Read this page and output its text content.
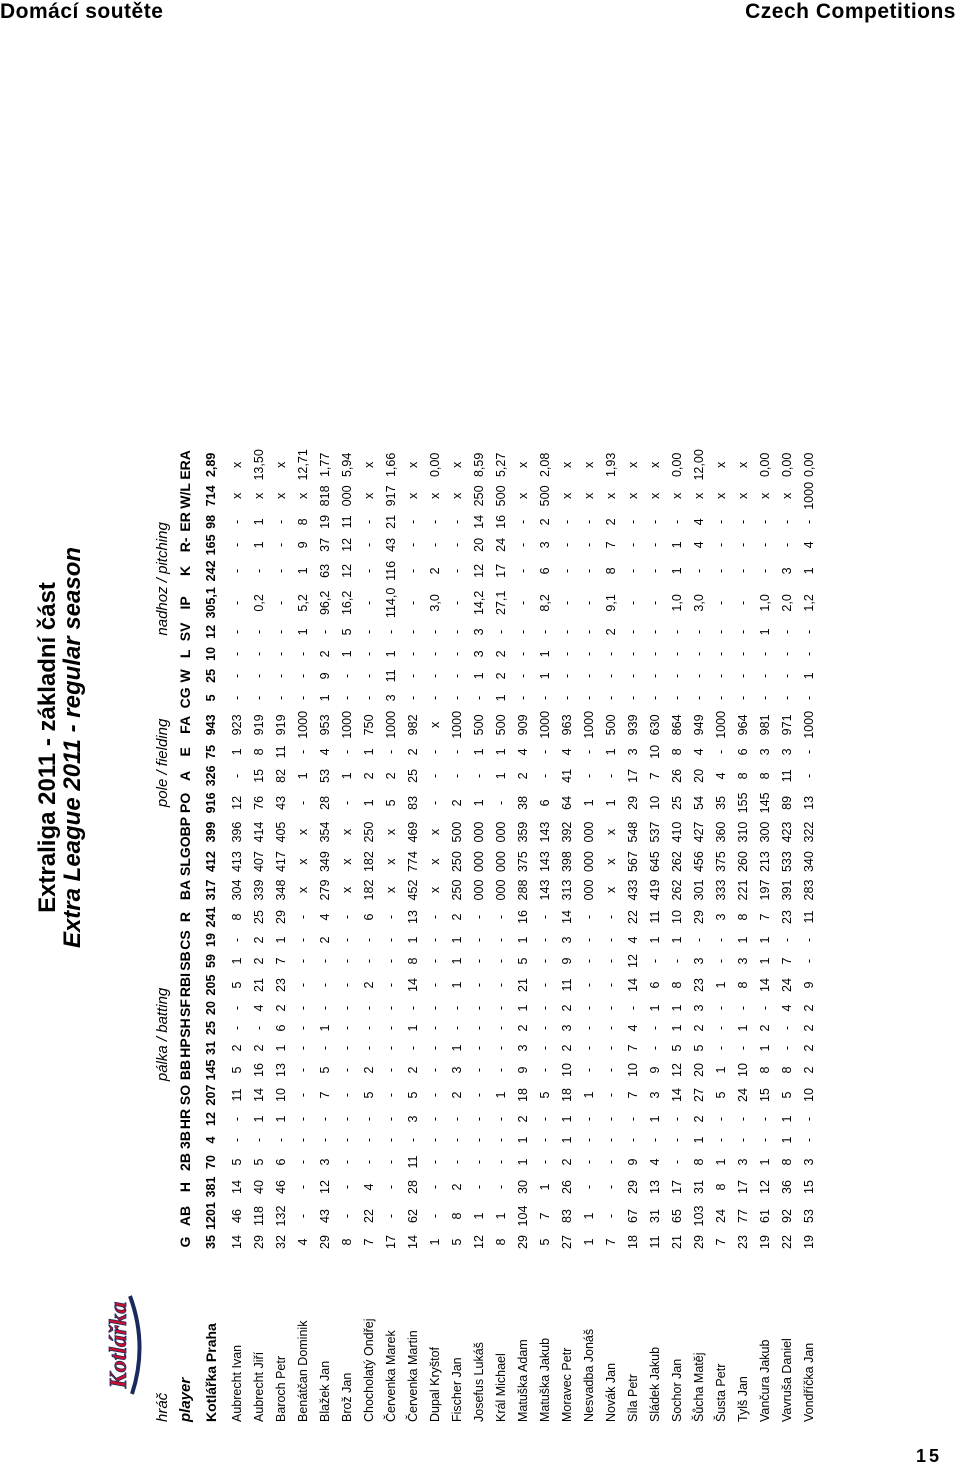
Domácí soutěte	Czech Competitions
15
Extraliga 2011 - základní část
Extra League 2011 - regular season
Kotlářka
hráč	pálka / batting																		pole / fielding				nadhoz / pitching									
player	G	AB	H	2B	3B	HR	SO	BB	HP	SH	SF	RBI	SB	CS	R	BA	SLG	OBP	PO	A	E	FA	CG	W	L	SV	IP	K	R-	ER	W/L	ERA
Kotlářka Praha	35	1201	381	70	4	12	207	145	31	25	20	205	59	19	241	317	412	399	916	326	75	943	5	25	10	12	305,1	242	165	98	714	2,89
Aubrecht Ivan	14	46	14	5	-	-	11	5	2	-	-	5	1	-	8	304	413	396	12	-	1	923	-	-	-	-	-	-	-	-	x	x
Aubrecht Jiří	29	118	40	5	-	1	14	16	2	-	4	21	2	2	25	339	407	414	76	15	8	919	-	-	-	-	0,2	-	1	1	x	13,50
Baroch Petr	32	132	46	6	-	1	10	13	1	6	2	23	7	1	29	348	417	405	43	82	11	919	-	-	-	-	-	-	-	-	x	x
Benátčan Dominik	4	-	-	-	-	-	-	-	-	-	-	-	-	-	-	x	x	x	-	1	-	1000	-	-	-	1	5,2	1	9	8	x	12,71
Blažek Jan	29	43	12	3	-	-	7	5	-	1	-	-	-	2	4	279	349	354	28	53	4	953	1	9	2	-	96,2	63	37	19	818	1,77
Brož Jan	8	-	-	-	-	-	-	-	-	-	-	-	-	-	-	x	x	x	-	1	-	1000	-	-	1	5	16,2	12	12	11	000	5,94
Chocholatý Ondřej	7	22	4	-	-	-	5	2	-	-	-	2	-	-	6	182	182	250	1	2	1	750	-	-	-	-	-	-	-	-	x	x
Červenka Marek	17	-	-	-	-	-	-	-	-	-	-	-	-	-	-	x	x	x	5	2	-	1000	3	11	1	-	114,0	116	43	21	917	1,66
Červenka Martin	14	62	28	11	-	3	5	2	-	1	-	14	8	1	13	452	774	469	83	25	2	982	-	-	-	-	-	-	-	-	x	x
Dupal Kryštof	1	-	-	-	-	-	-	-	-	-	-	-	-	-	-	x	x	x	-	-	-	x	-	-	-	-	3,0	2	-	-	x	0,00
Fischer Jan	5	8	2	-	-	-	2	3	1	-	-	1	1	1	2	250	250	500	2	-	-	1000	-	-	-	-	-	-	-	-	x	x
Josefus Lukáš	12	1	-	-	-	-	-	-	-	-	-	-	-	-	-	000	000	000	1	-	1	500	-	1	3	3	14,2	12	20	14	250	8,59
Král Michael	8	1	-	-	-	-	1	-	-	-	-	-	-	-	-	000	000	000	-	1	1	500	1	2	2	-	27,1	17	24	16	500	5,27
Matuška Adam	29	104	30	1	1	2	18	9	3	2	1	21	5	1	16	288	375	359	38	2	4	909	-	-	-	-	-	-	-	-	x	x
Matuška Jakub	5	7	1	-	-	-	5	-	-	-	-	-	-	-	-	143	143	143	6	-	-	1000	-	1	1	-	8,2	6	3	2	500	2,08
Moravec Petr	27	83	26	2	1	1	18	10	2	3	2	11	9	3	14	313	398	392	64	41	4	963	-	-	-	-	-	-	-	-	x	x
Nesvadba Jonáš	1	1	-	-	-	-	1	-	-	-	-	-	-	-	-	000	000	000	1	-	-	1000	-	-	-	-	-	-	-	-	x	x
Novák Jan	7	-	-	-	-	-	-	-	-	-	-	-	-	-	-	x	x	x	1	-	1	500	-	-	-	2	9,1	8	7	2	x	1,93
Síla Petr	18	67	29	9	-	-	7	10	7	4	-	14	12	4	22	433	567	548	29	17	3	939	-	-	-	-	-	-	-	-	x	x
Sládek Jakub	11	31	13	4	-	1	3	9	-	-	1	6	-	1	11	419	645	537	10	7	10	630	-	-	-	-	-	-	-	-	x	x
Sochor Jan	21	65	17	-	-	-	14	12	5	1	1	8	-	1	10	262	262	410	25	26	8	864	-	-	-	-	1,0	1	1	-	x	0,00
Šůcha Matěj	29	103	31	8	1	2	27	20	5	2	3	23	3	-	29	301	456	427	54	20	4	949	-	-	-	-	3,0	-	4	4	x	12,00
Šusta Petr	7	24	8	1	-	-	5	1	-	-	-	1	-	-	3	333	375	360	35	4	-	1000	-	-	-	-	-	-	-	-	x	x
Tylš Jan	23	77	17	3	-	-	24	10	-	1	-	8	3	1	8	221	260	310	155	8	6	964	-	-	-	-	-	-	-	-	x	x
Vančura Jakub	19	61	12	1	-	-	15	8	1	2	-	14	1	1	7	197	213	300	145	8	3	981	-	-	-	1	1,0	-	-	-	x	0,00
Vavruša Daniel	22	92	36	8	1	1	5	8	-	-	4	24	7	-	23	391	533	423	89	11	3	971	-	-	-	-	2,0	3	-	-	x	0,00
Vondříčka Jan	19	53	15	3	-	-	10	2	2	2	2	9	-	-	11	283	340	322	13	-	-	1000	-	1	-	-	1,2	1	4	-	1000	0,00
